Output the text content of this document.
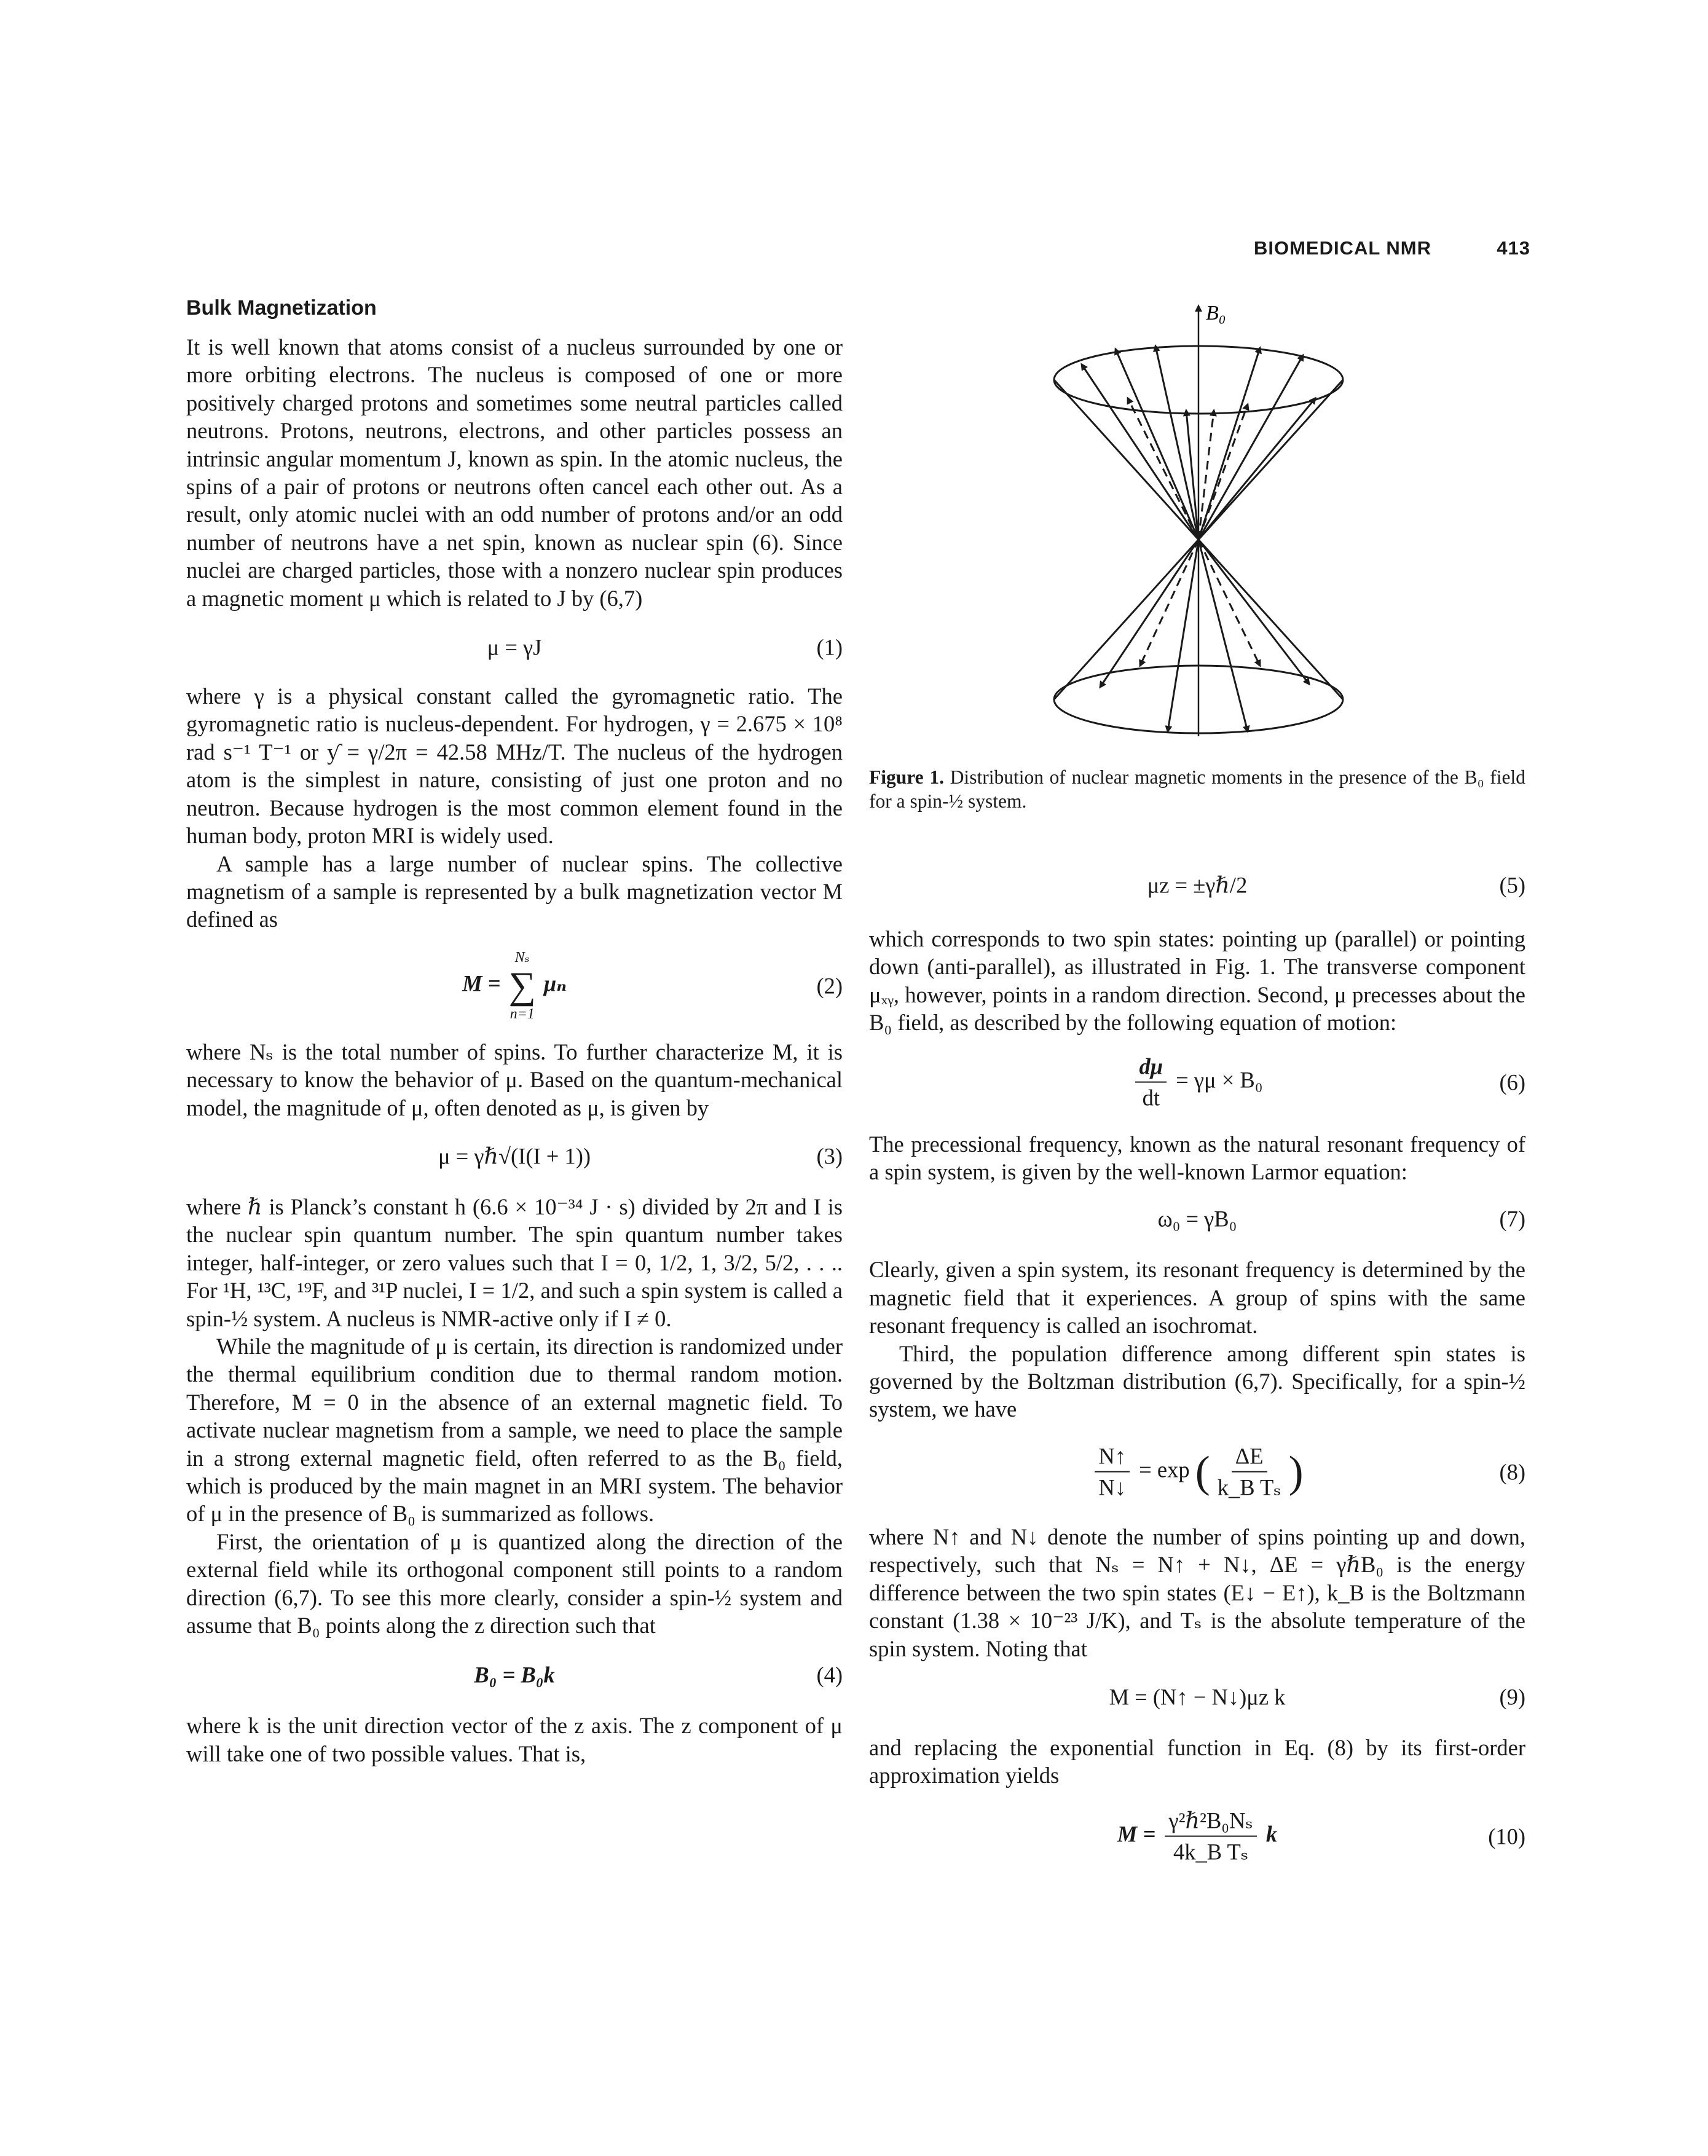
BIOMEDICAL NMR	413
Bulk Magnetization

It is well known that atoms consist of a nucleus surrounded by one or more orbiting electrons. The nucleus is composed of one or more positively charged protons and sometimes some neutral particles called neutrons. Protons, neutrons, electrons, and other particles possess an intrinsic angular momentum J, known as spin. In the atomic nucleus, the spins of a pair of protons or neutrons often cancel each other out. As a result, only atomic nuclei with an odd number of protons and/or an odd number of neutrons have a net spin, known as nuclear spin (6). Since nuclei are charged particles, those with a nonzero nuclear spin produces a magnetic moment μ which is related to J by (6,7)

μ = γJ	(1)

where γ is a physical constant called the gyromagnetic ratio. The gyromagnetic ratio is nucleus-dependent. For hydrogen, γ = 2.675 × 10⁸ rad s⁻¹ T⁻¹ or ƴ = γ/2π = 42.58 MHz/T. The nucleus of the hydrogen atom is the simplest in nature, consisting of just one proton and no neutron. Because hydrogen is the most common element found in the human body, proton MRI is widely used.

A sample has a large number of nuclear spins. The collective magnetism of a sample is represented by a bulk magnetization vector M defined as

M =
Nₛ
∑
n=1
μₙ	(2)

where Nₛ is the total number of spins. To further characterize M, it is necessary to know the behavior of μ. Based on the quantum-mechanical model, the magnitude of μ, often denoted as μ, is given by

μ = γℏ√(I(I + 1))	(3)

where ℏ is Planck’s constant h (6.6 × 10⁻³⁴ J · s) divided by 2π and I is the nuclear spin quantum number. The spin quantum number takes integer, half-integer, or zero values such that I = 0, 1/2, 1, 3/2, 5/2, . . .. For ¹H, ¹³C, ¹⁹F, and ³¹P nuclei, I = 1/2, and such a spin system is called a spin-½ system. A nucleus is NMR-active only if I ≠ 0.

While the magnitude of μ is certain, its direction is randomized under the thermal equilibrium condition due to thermal random motion. Therefore, M = 0 in the absence of an external magnetic field. To activate nuclear magnetism from a sample, we need to place the sample in a strong external magnetic field, often referred to as the B₀ field, which is produced by the main magnet in an MRI system. The behavior of μ in the presence of B₀ is summarized as follows.

First, the orientation of μ is quantized along the direction of the external field while its orthogonal component still points to a random direction (6,7). To see this more clearly, consider a spin-½ system and assume that B₀ points along the z direction such that

B₀ = B₀k	(4)

where k is the unit direction vector of the z axis. The z component of μ will take one of two possible values. That is,

B₀
Figure 1. Distribution of nuclear magnetic moments in the presence of the B₀ field for a spin-½ system.
μz = ±γℏ/2	(5)

which corresponds to two spin states: pointing up (parallel) or pointing down (anti-parallel), as illustrated in Fig. 1. The transverse component μₓᵧ, however, points in a random direction. Second, μ precesses about the B₀ field, as described by the following equation of motion:

$\frac{d\mu}{dt} = \gamma\mu \times B_0$	(6)

The precessional frequency, known as the natural resonant frequency of a spin system, is given by the well-known Larmor equation:

ω₀ = γB₀	(7)

Clearly, given a spin system, its resonant frequency is determined by the magnetic field that it experiences. A group of spins with the same resonant frequency is called an isochromat.

Third, the population difference among different spin states is governed by the Boltzman distribution (6,7). Specifically, for a spin-½ system, we have

$\frac{N↑}{N↓} = \exp$ ( $\frac{\Delta E}{\text{k\_B Tₛ}}$ )	(8)

where N↑ and N↓ denote the number of spins pointing up and down, respectively, such that Nₛ = N↑ + N↓, ΔE = γℏB₀ is the energy difference between the two spin states (E↓ − E↑), k_B is the Boltzmann constant (1.38 × 10⁻²³ J/K), and Tₛ is the absolute temperature of the spin system. Noting that

M = (N↑ − N↓)μz k	(9)

and replacing the exponential function in Eq. (8) by its first-order approximation yields

$M = \frac{\text{γ²ℏ²B₀Nₛ}}{\text{4k\_B Tₛ}}$ k	(10)
